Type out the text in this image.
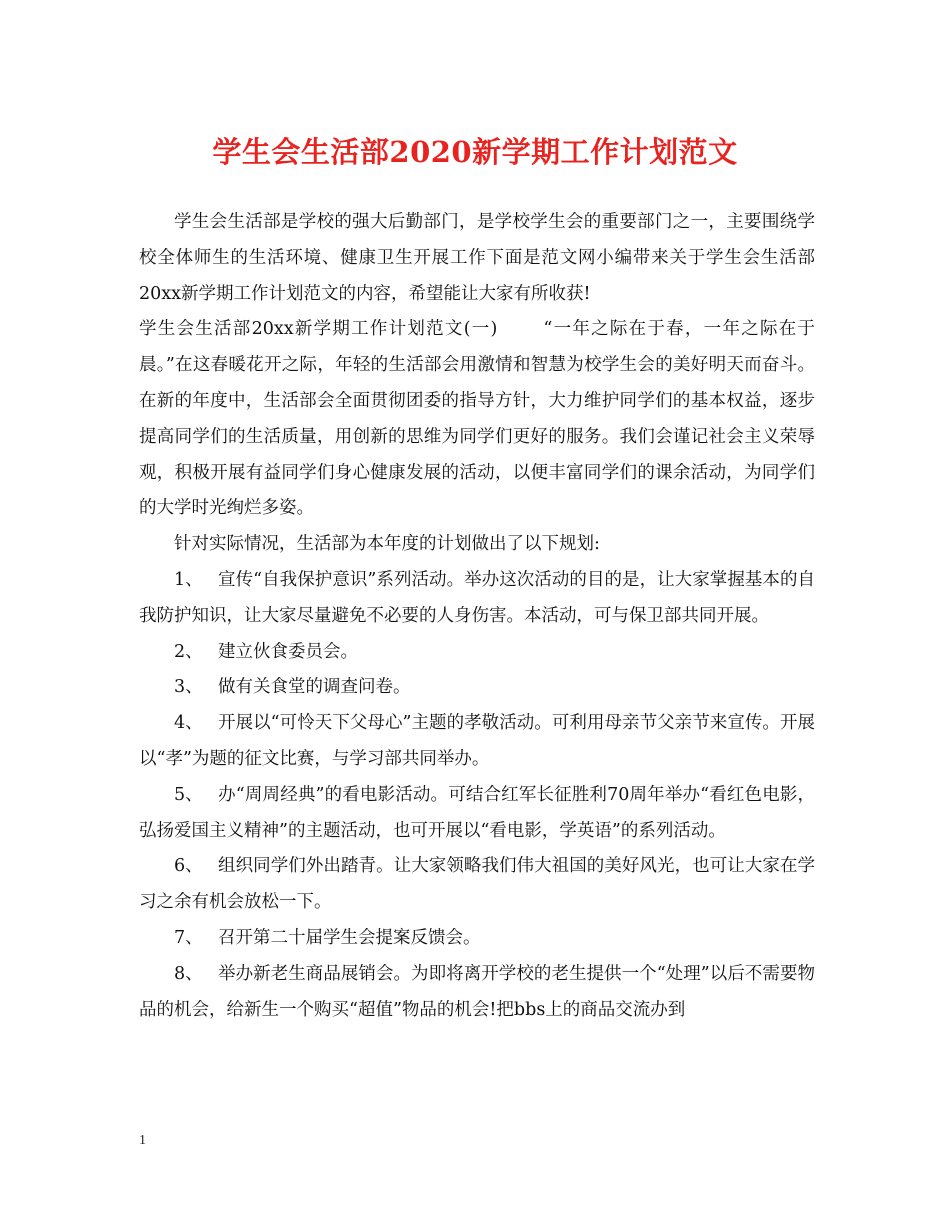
学生会生活部2020新学期工作计划范文

学生会生活部是学校的强大后勤部门，是学校学生会的重要部门之一，主要围绕学校全体师生的生活环境、健康卫生开展工作下面是范文网小编带来关于学生会生活部20xx新学期工作计划范文的内容，希望能让大家有所收获!

学生会生活部20xx新学期工作计划范文(一)	“一年之际在于春，一年之际在于晨。”在这春暖花开之际，年轻的生活部会用激情和智慧为校学生会的美好明天而奋斗。在新的年度中，生活部会全面贯彻团委的指导方针，大力维护同学们的基本权益，逐步提高同学们的生活质量，用创新的思维为同学们更好的服务。我们会谨记社会主义荣辱观，积极开展有益同学们身心健康发展的活动，以便丰富同学们的课余活动，为同学们的大学时光绚烂多姿。

针对实际情况，生活部为本年度的计划做出了以下规划:

1、 宣传“自我保护意识”系列活动。举办这次活动的目的是，让大家掌握基本的自我防护知识，让大家尽量避免不必要的人身伤害。本活动，可与保卫部共同开展。

2、 建立伙食委员会。

3、 做有关食堂的调查问卷。

4、 开展以“可怜天下父母心”主题的孝敬活动。可利用母亲节父亲节来宣传。开展以“孝”为题的征文比赛，与学习部共同举办。

5、 办“周周经典”的看电影活动。可结合红军长征胜利70周年举办“看红色电影，弘扬爱国主义精神”的主题活动，也可开展以“看电影，学英语”的系列活动。

6、 组织同学们外出踏青。让大家领略我们伟大祖国的美好风光，也可让大家在学习之余有机会放松一下。

7、 召开第二十届学生会提案反馈会。

8、 举办新老生商品展销会。为即将离开学校的老生提供一个“处理”以后不需要物品的机会，给新生一个购买“超值”物品的机会!把bbs上的商品交流办到

1
